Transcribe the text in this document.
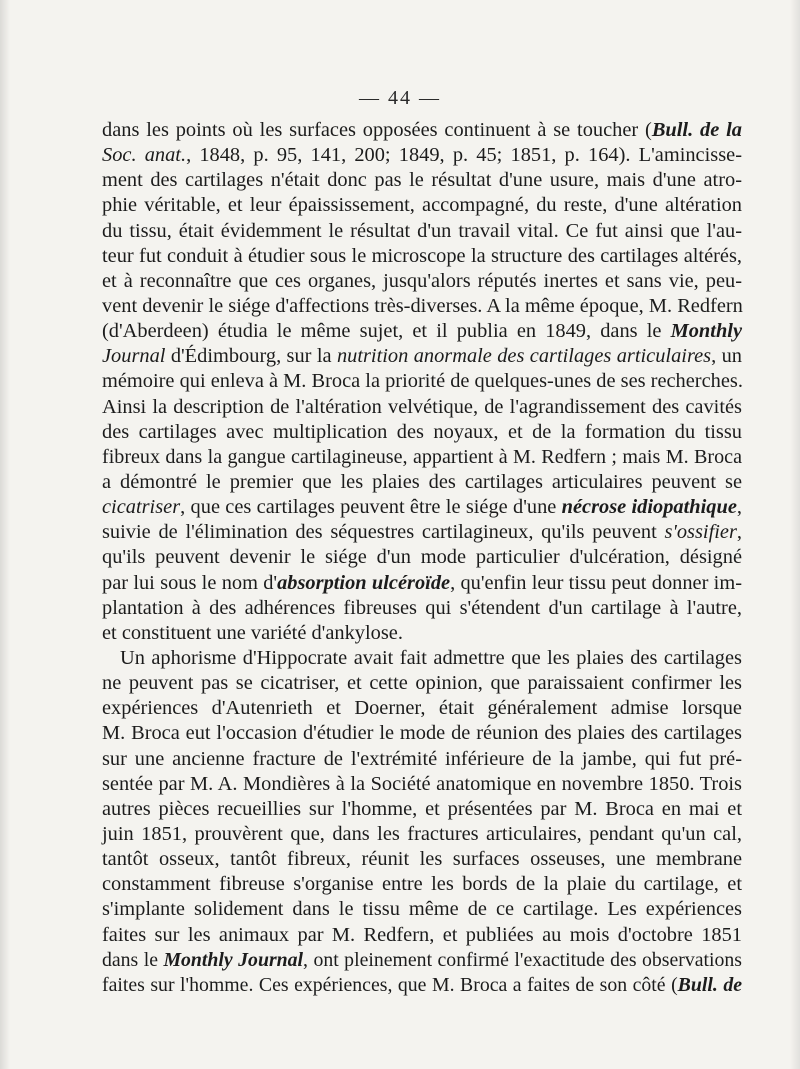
— 44 —
dans les points où les surfaces opposées continuent à se toucher (Bull. de la
Soc. anat., 1848, p. 95, 141, 200; 1849, p. 45; 1851, p. 164). L'amincisse-
ment des cartilages n'était donc pas le résultat d'une usure, mais d'une atro-
phie véritable, et leur épaississement, accompagné, du reste, d'une altération
du tissu, était évidemment le résultat d'un travail vital. Ce fut ainsi que l'au-
teur fut conduit à étudier sous le microscope la structure des cartilages altérés,
et à reconnaître que ces organes, jusqu'alors réputés inertes et sans vie, peu-
vent devenir le siége d'affections très-diverses. A la même époque, M. Redfern
(d'Aberdeen) étudia le même sujet, et il publia en 1849, dans le Monthly
Journal d'Édimbourg, sur la nutrition anormale des cartilages articulaires, un
mémoire qui enleva à M. Broca la priorité de quelques-unes de ses recherches.
Ainsi la description de l'altération velvétique, de l'agrandissement des cavités
des cartilages avec multiplication des noyaux, et de la formation du tissu
fibreux dans la gangue cartilagineuse, appartient à M. Redfern ; mais M. Broca
a démontré le premier que les plaies des cartilages articulaires peuvent se
cicatriser, que ces cartilages peuvent être le siége d'une nécrose idiopathique,
suivie de l'élimination des séquestres cartilagineux, qu'ils peuvent s'ossifier,
qu'ils peuvent devenir le siége d'un mode particulier d'ulcération, désigné
par lui sous le nom d'absorption ulcéroïde, qu'enfin leur tissu peut donner im-
plantation à des adhérences fibreuses qui s'étendent d'un cartilage à l'autre,
et constituent une variété d'ankylose.
Un aphorisme d'Hippocrate avait fait admettre que les plaies des cartilages
ne peuvent pas se cicatriser, et cette opinion, que paraissaient confirmer les
expériences d'Autenrieth et Doerner, était généralement admise lorsque
M. Broca eut l'occasion d'étudier le mode de réunion des plaies des cartilages
sur une ancienne fracture de l'extrémité inférieure de la jambe, qui fut pré-
sentée par M. A. Mondières à la Société anatomique en novembre 1850. Trois
autres pièces recueillies sur l'homme, et présentées par M. Broca en mai et
juin 1851, prouvèrent que, dans les fractures articulaires, pendant qu'un cal,
tantôt osseux, tantôt fibreux, réunit les surfaces osseuses, une membrane
constamment fibreuse s'organise entre les bords de la plaie du cartilage, et
s'implante solidement dans le tissu même de ce cartilage. Les expériences
faites sur les animaux par M. Redfern, et publiées au mois d'octobre 1851
dans le Monthly Journal, ont pleinement confirmé l'exactitude des observations
faites sur l'homme. Ces expériences, que M. Broca a faites de son côté (Bull. de
